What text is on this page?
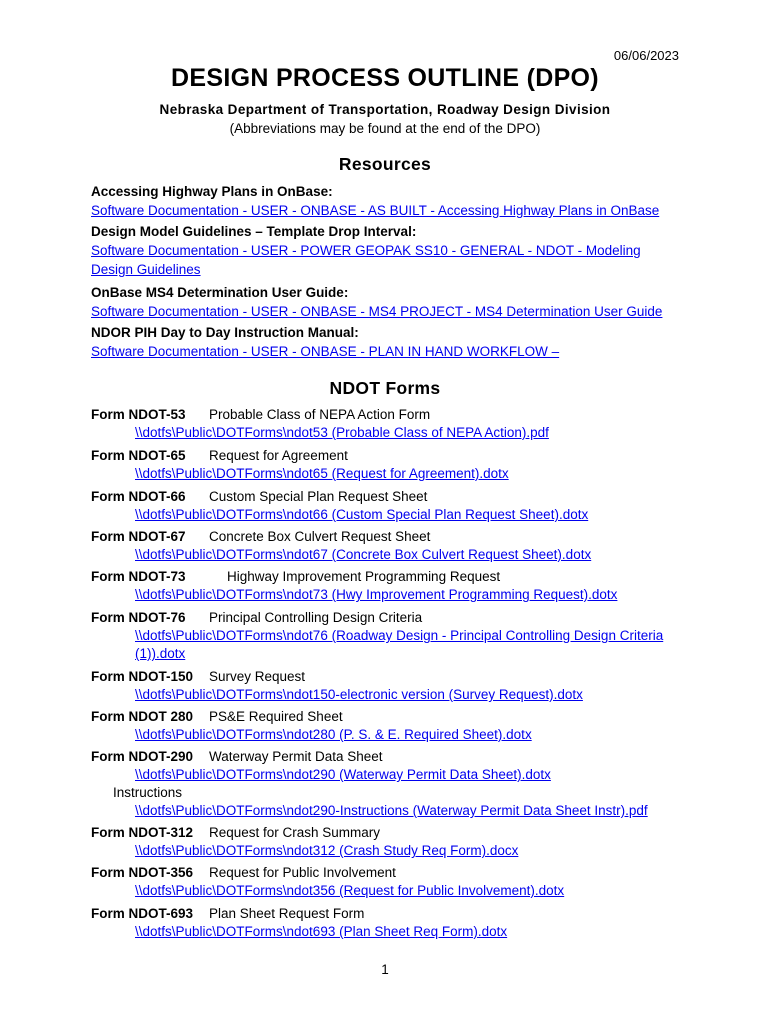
06/06/2023
DESIGN PROCESS OUTLINE (DPO)
Nebraska Department of Transportation, Roadway Design Division
(Abbreviations may be found at the end of the DPO)
Resources
Accessing Highway Plans in OnBase:
Software Documentation - USER - ONBASE - AS BUILT - Accessing Highway Plans in OnBase
Design Model Guidelines – Template Drop Interval:
Software Documentation - USER - POWER GEOPAK SS10 - GENERAL - NDOT - Modeling
Design Guidelines
OnBase MS4 Determination User Guide:
Software Documentation - USER - ONBASE - MS4 PROJECT - MS4 Determination User Guide
NDOR PIH Day to Day Instruction Manual:
Software Documentation - USER - ONBASE - PLAN IN HAND WORKFLOW –
NDOT Forms
Form NDOT-53 Probable Class of NEPA Action Form
\\dotfs\Public\DOTForms\ndot53 (Probable Class of NEPA Action).pdf
Form NDOT-65 Request for Agreement
\\dotfs\Public\DOTForms\ndot65 (Request for Agreement).dotx
Form NDOT-66 Custom Special Plan Request Sheet
\\dotfs\Public\DOTForms\ndot66 (Custom Special Plan Request Sheet).dotx
Form NDOT-67 Concrete Box Culvert Request Sheet
\\dotfs\Public\DOTForms\ndot67 (Concrete Box Culvert Request Sheet).dotx
Form NDOT-73	Highway Improvement Programming Request
\\dotfs\Public\DOTForms\ndot73 (Hwy Improvement Programming Request).dotx
Form NDOT-76 Principal Controlling Design Criteria
\\dotfs\Public\DOTForms\ndot76 (Roadway Design - Principal Controlling Design Criteria
(1)).dotx
Form NDOT-150 Survey Request
\\dotfs\Public\DOTForms\ndot150-electronic version (Survey Request).dotx
Form NDOT 280 PS&E Required Sheet
\\dotfs\Public\DOTForms\ndot280 (P. S. & E. Required Sheet).dotx
Form NDOT-290 Waterway Permit Data Sheet
\\dotfs\Public\DOTForms\ndot290 (Waterway Permit Data Sheet).dotx
Instructions
\\dotfs\Public\DOTForms\ndot290-Instructions (Waterway Permit Data Sheet Instr).pdf
Form NDOT-312 Request for Crash Summary
\\dotfs\Public\DOTForms\ndot312 (Crash Study Req Form).docx
Form NDOT-356 Request for Public Involvement
\\dotfs\Public\DOTForms\ndot356 (Request for Public Involvement).dotx
Form NDOT-693 Plan Sheet Request Form
\\dotfs\Public\DOTForms\ndot693 (Plan Sheet Req Form).dotx
1
